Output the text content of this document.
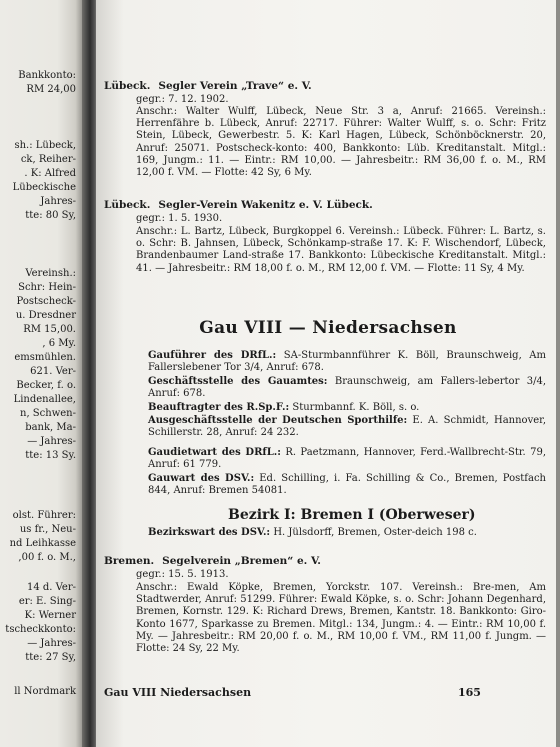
Bankkonto:
RM 24,00
sh.: Lübeck,
ck, Reiher-
. K: Alfred
Lübeckische
Jahres-
tte: 80 Sy,
Vereinsh.:
Schr: Hein-
Postscheck-
u. Dresdner
RM 15,00.
, 6 My.
emsmühlen.
621. Ver-
Becker, f. o.
Lindenallee,
n, Schwen-
bank, Ma-
— Jahres-
tte: 13 Sy.
olst. Führer:
us fr., Neu-
nd Leihkasse
,00 f. o. M.,
14 d. Ver-
er: E. Sing-
K: Werner
tscheckkonto:
— Jahres-
tte: 27 Sy,
ll Nordmark
Lübeck. Segler Verein „Trave“ e. V.
gegr.: 7. 12. 1902.

Anschr.: Walter Wulff, Lübeck, Neue Str. 3 a, Anruf: 21665. Vereinsh.: Herrenfähre b. Lübeck, Anruf: 22717. Führer: Walter Wulff, s. o. Schr: Fritz Stein, Lübeck, Gewerbestr. 5. K: Karl Hagen, Lübeck, Schönböcknerstr. 20, Anruf: 25071. Postscheck-konto: 400, Bankkonto: Lüb. Kreditanstalt. Mitgl.: 169, Jungm.: 11. — Eintr.: RM 10,00. — Jahresbeitr.: RM 36,00 f. o. M., RM 12,00 f. VM. — Flotte: 42 Sy, 6 My.

Lübeck. Segler-Verein Wakenitz e. V. Lübeck.
gegr.: 1. 5. 1930.

Anschr.: L. Bartz, Lübeck, Burgkoppel 6. Vereinsh.: Lübeck. Führer: L. Bartz, s. o. Schr: B. Jahnsen, Lübeck, Schönkamp-straße 17. K: F. Wischendorf, Lübeck, Brandenbaumer Land-straße 17. Bankkonto: Lübeckische Kreditanstalt. Mitgl.: 41. — Jahresbeitr.: RM 18,00 f. o. M., RM 12,00 f. VM. — Flotte: 11 Sy, 4 My.

Gau VIII — Niedersachsen

Gauführer des DRfL.: SA-Sturmbannführer K. Böll, Braunschweig, Am Fallerslebener Tor 3/4, Anruf: 678.

Geschäftsstelle des Gauamtes: Braunschweig, am Fallers-lebertor 3/4, Anruf: 678.

Beauftragter des R.Sp.F.: Sturmbannf. K. Böll, s. o.

Ausgeschäftsstelle der Deutschen Sporthilfe: E. A. Schmidt, Hannover, Schillerstr. 28, Anruf: 24 232.

Gaudietwart des DRfL.: R. Paetzmann, Hannover, Ferd.-Wallbrecht-Str. 79, Anruf: 61 779.

Gauwart des DSV.: Ed. Schilling, i. Fa. Schilling & Co., Bremen, Postfach 844, Anruf: Bremen 54081.

Bezirk I: Bremen I (Oberweser)

Bezirkswart des DSV.: H. Jülsdorff, Bremen, Oster-deich 198 c.

Bremen. Segelverein „Bremen“ e. V.
gegr.: 15. 5. 1913.

Anschr.: Ewald Köpke, Bremen, Yorckstr. 107. Vereinsh.: Bre-men, Am Stadtwerder, Anruf: 51299. Führer: Ewald Köpke, s. o. Schr: Johann Degenhard, Bremen, Kornstr. 129. K: Richard Drews, Bremen, Kantstr. 18. Bankkonto: Giro-Konto 1677, Sparkasse zu Bremen. Mitgl.: 134, Jungm.: 4. — Eintr.: RM 10,00 f. My. — Jahresbeitr.: RM 20,00 f. o. M., RM 10,00 f. VM., RM 11,00 f. Jungm. — Flotte: 24 Sy, 22 My.

Gau VIII Niedersachsen	165
